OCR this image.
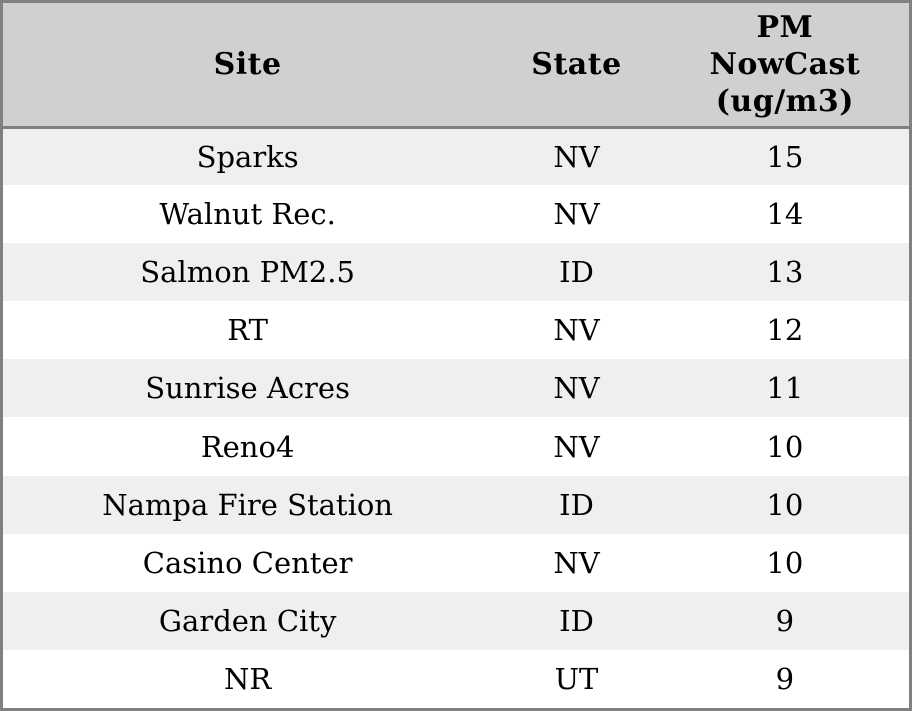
Site	State	PM
NowCast
(ug/m3)

Sparks	NV	15
Walnut Rec.	NV	14
Salmon PM2.5	ID	13
RT	NV	12
Sunrise Acres	NV	11
Reno4	NV	10
Nampa Fire Station	ID	10
Casino Center	NV	10
Garden City	ID	9
NR	UT	9
